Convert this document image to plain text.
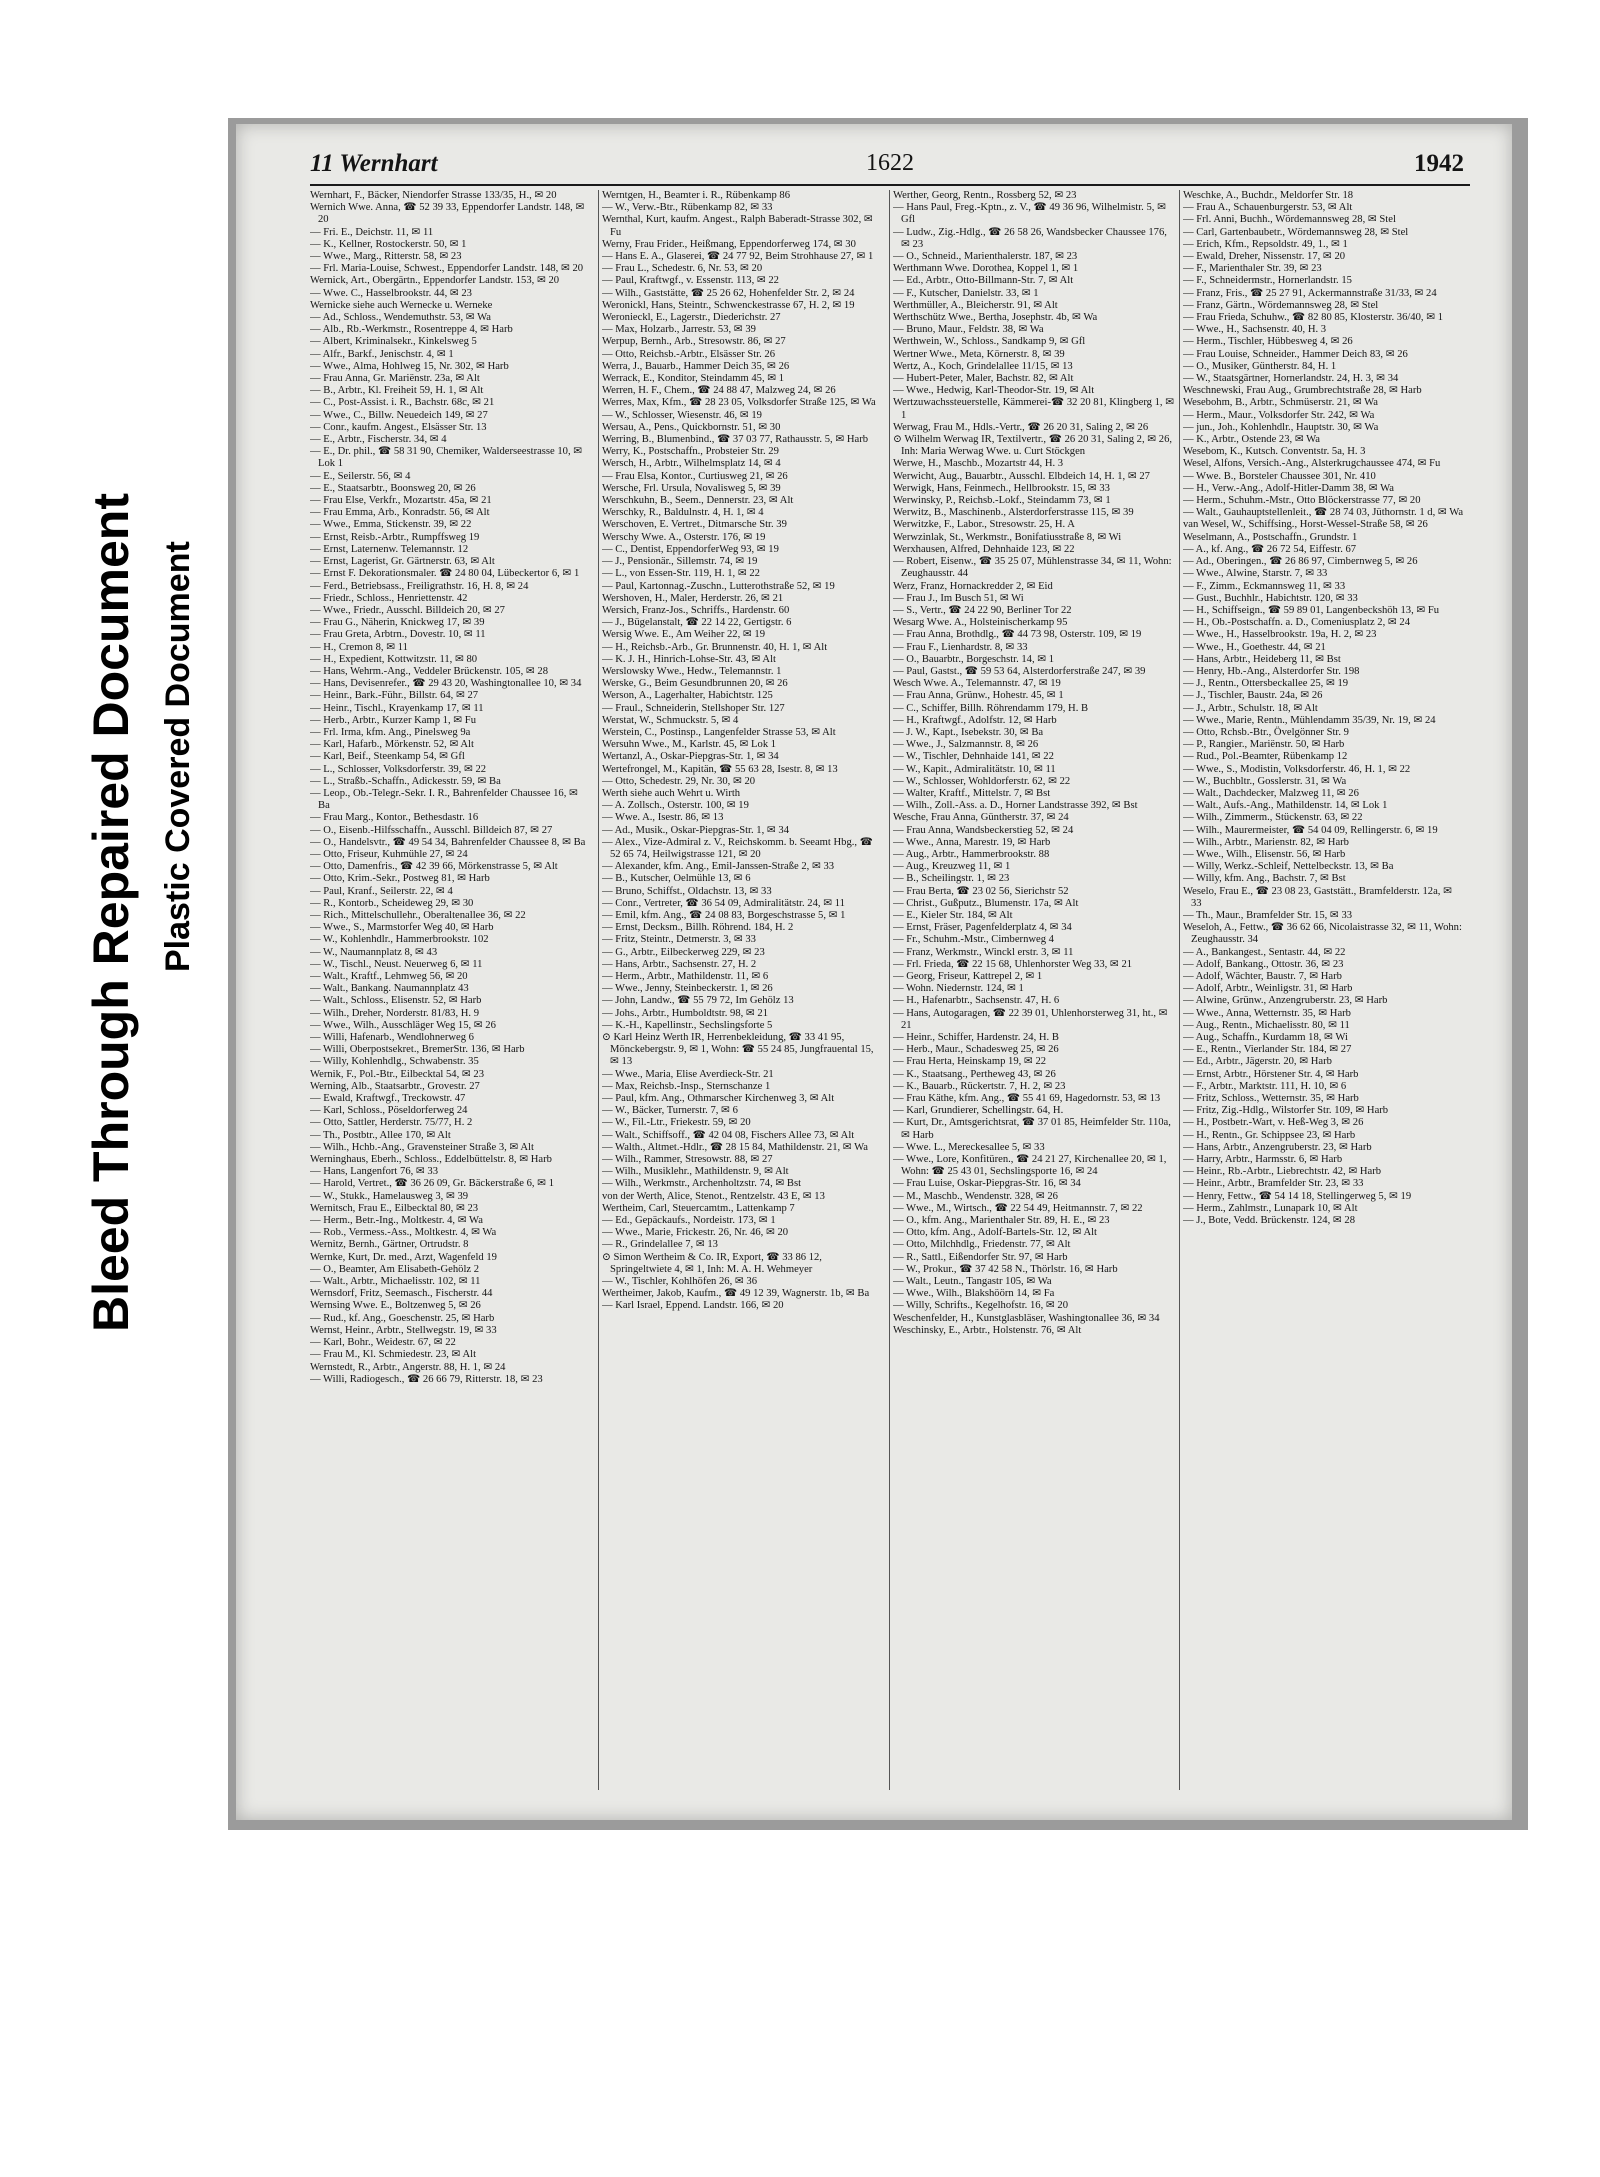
Bleed Through Repaired Document Plastic Covered Document
11 Wernhart	1622	1942

Wernhart, F., Bäcker, Niendorfer Strasse 133/35, H., ✉ 20

Wernich Wwe. Anna, ☎ 52 39 33, Eppendorfer Landstr. 148, ✉ 20

— Fri. E., Deichstr. 11, ✉ 11

— K., Kellner, Rostockerstr. 50, ✉ 1

— Wwe., Marg., Ritterstr. 58, ✉ 23

— Frl. Maria-Louise, Schwest., Eppendorfer Landstr. 148, ✉ 20

Wernick, Art., Obergärtn., Eppendorfer Landstr. 153, ✉ 20

— Wwe. C., Hasselbrookstr. 44, ✉ 23

Wernicke siehe auch Wernecke u. Werneke

— Ad., Schloss., Wendemuthstr. 53, ✉ Wa

— Alb., Rb.-Werkmstr., Rosentreppe 4, ✉ Harb

— Albert, Kriminalsekr., Kinkelsweg 5

— Alfr., Barkf., Jenischstr. 4, ✉ 1

— Wwe., Alma, Hohlweg 15, Nr. 302, ✉ Harb

— Frau Anna, Gr. Mariënstr. 23a, ✉ Alt

— B., Arbtr., Kl. Freiheit 59, H. 1, ✉ Alt

— C., Post-Assist. i. R., Bachstr. 68c, ✉ 21

— Wwe., C., Billw. Neuedeich 149, ✉ 27

— Conr., kaufm. Angest., Elsässer Str. 13

— E., Arbtr., Fischerstr. 34, ✉ 4

— E., Dr. phil., ☎ 58 31 90, Chemiker, Walderseestrasse 10, ✉ Lok 1

— E., Seilerstr. 56, ✉ 4

— E., Staatsarbtr., Boonsweg 20, ✉ 26

— Frau Else, Verkfr., Mozartstr. 45a, ✉ 21

— Frau Emma, Arb., Konradstr. 56, ✉ Alt

— Wwe., Emma, Stickenstr. 39, ✉ 22

— Ernst, Reisb.-Arbtr., Rumpffsweg 19

— Ernst, Laternenw. Telemannstr. 12

— Ernst, Lagerist, Gr. Gärtnerstr. 63, ✉ Alt

— Ernst F. Dekorationsmaler. ☎ 24 80 04, Lübeckertor 6, ✉ 1

— Ferd., Betriebsass., Freiligrathstr. 16, H. 8, ✉ 24

— Friedr., Schloss., Henriettenstr. 42

— Wwe., Friedr., Ausschl. Billdeich 20, ✉ 27

— Frau G., Näherin, Knickweg 17, ✉ 39

— Frau Greta, Arbtrn., Dovestr. 10, ✉ 11

— H., Cremon 8, ✉ 11

— H., Expedient, Kottwitzstr. 11, ✉ 80

— Hans, Wehrm.-Ang., Veddeler Brückenstr. 105, ✉ 28

— Hans, Devisenrefer., ☎ 29 43 20, Washingtonallee 10, ✉ 34

— Heinr., Bark.-Führ., Billstr. 64, ✉ 27

— Heinr., Tischl., Krayenkamp 17, ✉ 11

— Herb., Arbtr., Kurzer Kamp 1, ✉ Fu

— Frl. Irma, kfm. Ang., Pinelsweg 9a

— Karl, Hafarb., Mörkenstr. 52, ✉ Alt

— Karl, Beif., Steenkamp 54, ✉ Gfl

— L., Schlosser, Volksdorferstr. 39, ✉ 22

— L., Straßb.-Schaffn., Adickesstr. 59, ✉ Ba

— Leop., Ob.-Telegr.-Sekr. I. R., Bahrenfelder Chaussee 16, ✉ Ba

— Frau Marg., Kontor., Bethesdastr. 16

— O., Eisenb.-Hilfsschaffn., Ausschl. Billdeich 87, ✉ 27

— O., Handelsvtr., ☎ 49 54 34, Bahrenfelder Chaussee 8, ✉ Ba

— Otto, Friseur, Kuhmühle 27, ✉ 24

— Otto, Damenfris., ☎ 42 39 66, Mörkenstrasse 5, ✉ Alt

— Otto, Krim.-Sekr., Postweg 81, ✉ Harb

— Paul, Kranf., Seilerstr. 22, ✉ 4

— R., Kontorb., Scheideweg 29, ✉ 30

— Rich., Mittelschullehr., Oberaltenallee 36, ✉ 22

— Wwe., S., Marmstorfer Weg 40, ✉ Harb

— W., Kohlenhdlr., Hammerbrookstr. 102

— W., Naumannplatz 8, ✉ 43

— W., Tischl., Neust. Neuerweg 6, ✉ 11

— Walt., Kraftf., Lehmweg 56, ✉ 20

— Walt., Bankang. Naumannplatz 43

— Walt., Schloss., Elisenstr. 52, ✉ Harb

— Wilh., Dreher, Norderstr. 81/83, H. 9

— Wwe., Wilh., Ausschläger Weg 15, ✉ 26

— Willi, Hafenarb., Wendlohnerweg 6

— Willi, Oberpostsekret., BremerStr. 136, ✉ Harb

— Willy, Kohlenhdlg., Schwabenstr. 35

Wernik, F., Pol.-Btr., Eilbecktal 54, ✉ 23

Werning, Alb., Staatsarbtr., Grovestr. 27

— Ewald, Kraftwgf., Treckowstr. 47

— Karl, Schloss., Pöseldorferweg 24

— Otto, Sattler, Herderstr. 75/77, H. 2

— Th., Postbtr., Allee 170, ✉ Alt

— Wilh., Hchb.-Ang., Gravensteiner Straße 3, ✉ Alt

Werninghaus, Eberh., Schloss., Eddelbüttelstr. 8, ✉ Harb

— Hans, Langenfort 76, ✉ 33

— Harold, Vertret., ☎ 36 26 09, Gr. Bäckerstraße 6, ✉ 1

— W., Stukk., Hamelausweg 3, ✉ 39

Wernitsch, Frau E., Eilbecktal 80, ✉ 23

— Herm., Betr.-Ing., Moltkestr. 4, ✉ Wa

— Rob., Vermess.-Ass., Moltkestr. 4, ✉ Wa

Wernitz, Bernh., Gärtner, Ortrudstr. 8

Wernke, Kurt, Dr. med., Arzt, Wagenfeld 19

— O., Beamter, Am Elisabeth-Gehölz 2

— Walt., Arbtr., Michaelisstr. 102, ✉ 11

Wernsdorf, Fritz, Seemasch., Fischerstr. 44

Wernsing Wwe. E., Boltzenweg 5, ✉ 26

— Rud., kf. Ang., Goeschenstr. 25, ✉ Harb

Wernst, Heinr., Arbtr., Stellwegstr. 19, ✉ 33

— Karl, Bohr., Weidestr. 67, ✉ 22

— Frau M., Kl. Schmiedestr. 23, ✉ Alt

Wernstedt, R., Arbtr., Angerstr. 88, H. 1, ✉ 24

— Willi, Radiogesch., ☎ 26 66 79, Ritterstr. 18, ✉ 23

Werntgen, H., Beamter i. R., Rübenkamp 86

— W., Verw.-Btr., Rübenkamp 82, ✉ 33

Wernthal, Kurt, kaufm. Angest., Ralph Baberadt-Strasse 302, ✉ Fu

Werny, Frau Frider., Heißmang, Eppendorferweg 174, ✉ 30

— Hans E. A., Glaserei, ☎ 24 77 92, Beim Strohhause 27, ✉ 1

— Frau L., Schedestr. 6, Nr. 53, ✉ 20

— Paul, Kraftwgf., v. Essenstr. 113, ✉ 22

— Wilh., Gaststätte, ☎ 25 26 62, Hohenfelder Str. 2, ✉ 24

Weronickl, Hans, Steintr., Schwenckestrasse 67, H. 2, ✉ 19

Weronieckl, E., Lagerstr., Diederichstr. 27

— Max, Holzarb., Jarrestr. 53, ✉ 39

Werpup, Bernh., Arb., Stresowstr. 86, ✉ 27

— Otto, Reichsb.-Arbtr., Elsässer Str. 26

Werra, J., Bauarb., Hammer Deich 35, ✉ 26

Werrack, E., Konditor, Steindamm 45, ✉ 1

Werren, H. F., Chem., ☎ 24 88 47, Malzweg 24, ✉ 26

Werres, Max, Kfm., ☎ 28 23 05, Volksdorfer Straße 125, ✉ Wa

— W., Schlosser, Wiesenstr. 46, ✉ 19

Wersau, A., Pens., Quickbornstr. 51, ✉ 30

Werring, B., Blumenbind., ☎ 37 03 77, Rathausstr. 5, ✉ Harb

Werry, K., Postschaffn., Probsteier Str. 29

Wersch, H., Arbtr., Wilhelmsplatz 14, ✉ 4

— Frau Elsa, Kontor., Curtiusweg 21, ✉ 26

Wersche, Frl. Ursula, Novalisweg 5, ✉ 39

Werschkuhn, B., Seem., Dennerstr. 23, ✉ Alt

Werschky, R., Baldulnstr. 4, H. 1, ✉ 4

Werschoven, E. Vertret., Ditmarsche Str. 39

Werschy Wwe. A., Osterstr. 176, ✉ 19

— C., Dentist, EppendorferWeg 93, ✉ 19

— J., Pensionär., Sillemstr. 74, ✉ 19

— L., von Essen-Str. 119, H. 1, ✉ 22

— Paul, Kartonnag.-Zuschn., Lutterothstraße 52, ✉ 19

Wershoven, H., Maler, Herderstr. 26, ✉ 21

Wersich, Franz-Jos., Schriffs., Hardenstr. 60

— J., Bügelanstalt, ☎ 22 14 22, Gertigstr. 6

Wersig Wwe. E., Am Weiher 22, ✉ 19

— H., Reichsb.-Arb., Gr. Brunnenstr. 40, H. 1, ✉ Alt

— K. J. H., Hinrich-Lohse-Str. 43, ✉ Alt

Werslowsky Wwe., Hedw., Telemannstr. 1

Werske, G., Beim Gesundbrunnen 20, ✉ 26

Werson, A., Lagerhalter, Habichtstr. 125

— Fraul., Schneiderin, Stellshoper Str. 127

Werstat, W., Schmuckstr. 5, ✉ 4

Werstein, C., Postinsp., Langenfelder Strasse 53, ✉ Alt

Wersuhn Wwe., M., Karlstr. 45, ✉ Lok 1

Wertanzl, A., Oskar-Piepgras-Str. 1, ✉ 34

Wertefrongel, M., Kapitän, ☎ 55 63 28, Isestr. 8, ✉ 13

— Otto, Schedestr. 29, Nr. 30, ✉ 20

Werth siehe auch Wehrt u. Wirth

— A. Zollsch., Osterstr. 100, ✉ 19

— Wwe. A., Isestr. 86, ✉ 13

— Ad., Musik., Oskar-Piepgras-Str. 1, ✉ 34

— Alex., Vize-Admiral z. V., Reichskomm. b. Seeamt Hbg., ☎ 52 65 74, Heilwigstrasse 121, ✉ 20

— Alexander, kfm. Ang., Emil-Janssen-Straße 2, ✉ 33

— B., Kutscher, Oelmühle 13, ✉ 6

— Bruno, Schiffst., Oldachstr. 13, ✉ 33

— Conr., Vertreter, ☎ 36 54 09, Admiralitätstr. 24, ✉ 11

— Emil, kfm. Ang., ☎ 24 08 83, Borgeschstrasse 5, ✉ 1

— Ernst, Decksm., Billh. Röhrend. 184, H. 2

— Fritz, Steintr., Detmerstr. 3, ✉ 33

— G., Arbtr., Eilbeckerweg 229, ✉ 23

— Hans, Arbtr., Sachsenstr. 27, H. 2

— Herm., Arbtr., Mathildenstr. 11, ✉ 6

— Wwe., Jenny, Steinbeckerstr. 1, ✉ 26

— John, Landw., ☎ 55 79 72, Im Gehölz 13

— Johs., Arbtr., Humboldtstr. 98, ✉ 21

— K.-H., Kapellinstr., Sechslingsforte 5

⊙ Karl Heinz Werth IR, Herrenbekleidung, ☎ 33 41 95, Mönckebergstr. 9, ✉ 1, Wohn: ☎ 55 24 85, Jungfrauental 15, ✉ 13

— Wwe., Maria, Elise Averdieck-Str. 21

— Max, Reichsb.-Insp., Sternschanze 1

— Paul, kfm. Ang., Othmarscher Kirchenweg 3, ✉ Alt

— W., Bäcker, Turnerstr. 7, ✉ 6

— W., Fil.-Ltr., Friekestr. 59, ✉ 20

— Walt., Schiffsoff., ☎ 42 04 08, Fischers Allee 73, ✉ Alt

— Walth., Altmet.-Hdlr., ☎ 28 15 84, Mathildenstr. 21, ✉ Wa

— Wilh., Rammer, Stresowstr. 88, ✉ 27

— Wilh., Musiklehr., Mathildenstr. 9, ✉ Alt

— Wilh., Werkmstr., Archenholtzstr. 74, ✉ Bst

von der Werth, Alice, Stenot., Rentzelstr. 43 E, ✉ 13

Wertheim, Carl, Steuercamtm., Lattenkamp 7

— Ed., Gepäckaufs., Nordeistr. 173, ✉ 1

— Wwe., Marie, Frickestr. 26, Nr. 46, ✉ 20

— R., Grindelallee 7, ✉ 13

⊙ Simon Wertheim & Co. IR, Export, ☎ 33 86 12, Springeltwiete 4, ✉ 1, Inh: M. A. H. Wehmeyer

— W., Tischler, Kohlhöfen 26, ✉ 36

Wertheimer, Jakob, Kaufm., ☎ 49 12 39, Wagnerstr. 1b, ✉ Ba

— Karl Israel, Eppend. Landstr. 166, ✉ 20

Werther, Georg, Rentn., Rossberg 52, ✉ 23

— Hans Paul, Freg.-Kptn., z. V., ☎ 49 36 96, Wilhelmistr. 5, ✉ Gfl

— Ludw., Zig.-Hdlg., ☎ 26 58 26, Wandsbecker Chaussee 176, ✉ 23

— O., Schneid., Marienthalerstr. 187, ✉ 23

Werthmann Wwe. Dorothea, Koppel 1, ✉ 1

— Ed., Arbtr., Otto-Billmann-Str. 7, ✉ Alt

— F., Kutscher, Danielstr. 33, ✉ 1

Werthmüller, A., Bleicherstr. 91, ✉ Alt

Werthschütz Wwe., Bertha, Josephstr. 4b, ✉ Wa

— Bruno, Maur., Feldstr. 38, ✉ Wa

Werthwein, W., Schloss., Sandkamp 9, ✉ Gfl

Wertner Wwe., Meta, Körnerstr. 8, ✉ 39

Wertz, A., Koch, Grindelallee 11/15, ✉ 13

— Hubert-Peter, Maler, Bachstr. 82, ✉ Alt

— Wwe., Hedwig, Karl-Theodor-Str. 19, ✉ Alt

Wertzuwachssteuerstelle, Kämmerei-☎ 32 20 81, Klingberg 1, ✉ 1

Werwag, Frau M., Hdls.-Vertr., ☎ 26 20 31, Saling 2, ✉ 26

⊙ Wilhelm Werwag IR, Textilvertr., ☎ 26 20 31, Saling 2, ✉ 26, Inh: Maria Werwag Wwe. u. Curt Stöckgen

Werwe, H., Maschb., Mozartstr 44, H. 3

Werwicht, Aug., Bauarbtr., Ausschl. Elbdeich 14, H. 1, ✉ 27

Werwigk, Hans, Feinmech., Hellbrookstr. 15, ✉ 33

Werwinsky, P., Reichsb.-Lokf., Steindamm 73, ✉ 1

Werwitz, B., Maschinenb., Alsterdorferstrasse 115, ✉ 39

Werwitzke, F., Labor., Stresowstr. 25, H. A

Werwzinlak, St., Werkmstr., Bonifatiusstraße 8, ✉ Wi

Werxhausen, Alfred, Dehnhaide 123, ✉ 22

— Robert, Eisenw., ☎ 35 25 07, Mühlenstrasse 34, ✉ 11, Wohn: Zeughausstr. 44

Werz, Franz, Hornackredder 2, ✉ Eid

— Frau J., Im Busch 51, ✉ Wi

— S., Vertr., ☎ 24 22 90, Berliner Tor 22

Wesarg Wwe. A., Holsteinischerkamp 95

— Frau Anna, Brothdlg., ☎ 44 73 98, Osterstr. 109, ✉ 19

— Frau F., Lienhardstr. 8, ✉ 33

— O., Bauarbtr., Borgeschstr. 14, ✉ 1

— Paul, Gastst., ☎ 59 53 64, Alsterdorferstraße 247, ✉ 39

Wesch Wwe. A., Telemannstr. 47, ✉ 19

— Frau Anna, Grünw., Hohestr. 45, ✉ 1

— C., Schiffer, Billh. Röhrendamm 179, H. B

— H., Kraftwgf., Adolfstr. 12, ✉ Harb

— J. W., Kapt., Isebekstr. 30, ✉ Ba

— Wwe., J., Salzmannstr. 8, ✉ 26

— W., Tischler, Dehnhaide 141, ✉ 22

— W., Kapit., Admiralitätstr. 10, ✉ 11

— W., Schlosser, Wohldorferstr. 62, ✉ 22

— Walter, Kraftf., Mittelstr. 7, ✉ Bst

— Wilh., Zoll.-Ass. a. D., Horner Landstrasse 392, ✉ Bst

Wesche, Frau Anna, Güntherstr. 37, ✉ 24

— Frau Anna, Wandsbeckerstieg 52, ✉ 24

— Wwe., Anna, Marestr. 19, ✉ Harb

— Aug., Arbtr., Hammerbrookstr. 88

— Aug., Kreuzweg 11, ✉ 1

— B., Scheilingstr. 1, ✉ 23

— Frau Berta, ☎ 23 02 56, Sierichstr 52

— Christ., Gußputz., Blumenstr. 17a, ✉ Alt

— E., Kieler Str. 184, ✉ Alt

— Ernst, Fräser, Pagenfelderplatz 4, ✉ 34

— Fr., Schuhm.-Mstr., Cimbernweg 4

— Franz, Werkmstr., Winckl erstr. 3, ✉ 11

— Frl. Frieda, ☎ 22 15 68, Uhlenhorster Weg 33, ✉ 21

— Georg, Friseur, Kattrepel 2, ✉ 1

— Wohn. Niedernstr. 124, ✉ 1

— H., Hafenarbtr., Sachsenstr. 47, H. 6

— Hans, Autogaragen, ☎ 22 39 01, Uhlenhorsterweg 31, ht., ✉ 21

— Heinr., Schiffer, Hardenstr. 24, H. B

— Herb., Maur., Schadesweg 25, ✉ 26

— Frau Herta, Heinskamp 19, ✉ 22

— K., Staatsang., Pertheweg 43, ✉ 26

— K., Bauarb., Rückertstr. 7, H. 2, ✉ 23

— Frau Käthe, kfm. Ang., ☎ 55 41 69, Hagedornstr. 53, ✉ 13

— Karl, Grundierer, Schellingstr. 64, H.

— Kurt, Dr., Amtsgerichtsrat, ☎ 37 01 85, Heimfelder Str. 110a, ✉ Harb

— Wwe. L., Mereckesallee 5, ✉ 33

— Wwe., Lore, Konfitüren., ☎ 24 21 27, Kirchenallee 20, ✉ 1, Wohn: ☎ 25 43 01, Sechslingsporte 16, ✉ 24

— Frau Luise, Oskar-Piepgras-Str. 16, ✉ 34

— M., Maschb., Wendenstr. 328, ✉ 26

— Wwe., M., Wirtsch., ☎ 22 54 49, Heitmannstr. 7, ✉ 22

— O., kfm. Ang., Marienthaler Str. 89, H. E., ✉ 23

— Otto, kfm. Ang., Adolf-Bartels-Str. 12, ✉ Alt

— Otto, Milchhdlg., Friedenstr. 77, ✉ Alt

— R., Sattl., Eißendorfer Str. 97, ✉ Harb

— W., Prokur., ☎ 37 42 58 N., Thörlstr. 16, ✉ Harb

— Walt., Leutn., Tangastr 105, ✉ Wa

— Wwe., Wilh., Blakshöörn 14, ✉ Fa

— Willy, Schrifts., Kegelhofstr. 16, ✉ 20

Weschenfelder, H., Kunstglasbläser, Washingtonallee 36, ✉ 34

Weschinsky, E., Arbtr., Holstenstr. 76, ✉ Alt

Weschke, A., Buchdr., Meldorfer Str. 18

— Frau A., Schauenburgerstr. 53, ✉ Alt

— Frl. Anni, Buchh., Wördemannsweg 28, ✉ Stel

— Carl, Gartenbaubetr., Wördemannsweg 28, ✉ Stel

— Erich, Kfm., Repsoldstr. 49, 1., ✉ 1

— Ewald, Dreher, Nissenstr. 17, ✉ 20

— F., Marienthaler Str. 39, ✉ 23

— F., Schneidermstr., Hornerlandstr. 15

— Franz, Fris., ☎ 25 27 91, Ackermannstraße 31/33, ✉ 24

— Franz, Gärtn., Wördemannsweg 28, ✉ Stel

— Frau Frieda, Schuhw., ☎ 82 80 85, Klosterstr. 36/40, ✉ 1

— Wwe., H., Sachsenstr. 40, H. 3

— Herm., Tischler, Hübbesweg 4, ✉ 26

— Frau Louise, Schneider., Hammer Deich 83, ✉ 26

— O., Musiker, Güntherstr. 84, H. 1

— W., Staatsgärtner, Hornerlandstr. 24, H. 3, ✉ 34

Weschnewski, Frau Aug., Grumbrechtstraße 28, ✉ Harb

Wesebohm, B., Arbtr., Schmüserstr. 21, ✉ Wa

— Herm., Maur., Volksdorfer Str. 242, ✉ Wa

— jun., Joh., Kohlenhdlr., Hauptstr. 30, ✉ Wa

— K., Arbtr., Ostende 23, ✉ Wa

Wesebom, K., Kutsch. Conventstr. 5a, H. 3

Wesel, Alfons, Versich.-Ang., Alsterkrugchaussee 474, ✉ Fu

— Wwe. B., Borsteler Chaussee 301, Nr. 410

— H., Verw.-Ang., Adolf-Hitler-Damm 38, ✉ Wa

— Herm., Schuhm.-Mstr., Otto Blöckerstrasse 77, ✉ 20

— Walt., Gauhauptstellenleit., ☎ 28 74 03, Jüthornstr. 1 d, ✉ Wa

van Wesel, W., Schiffsing., Horst-Wessel-Straße 58, ✉ 26

Weselmann, A., Postschaffn., Grundstr. 1

— A., kf. Ang., ☎ 26 72 54, Eiffestr. 67

— Ad., Oberingen., ☎ 26 86 97, Cimbernweg 5, ✉ 26

— Wwe., Alwine, Starstr. 7, ✉ 33

— F., Zimm., Eckmannsweg 11, ✉ 33

— Gust., Buchhlr., Habichtstr. 120, ✉ 33

— H., Schiffseign., ☎ 59 89 01, Langenbeckshöh 13, ✉ Fu

— H., Ob.-Postschaffn. a. D., Comeniusplatz 2, ✉ 24

— Wwe., H., Hasselbrookstr. 19a, H. 2, ✉ 23

— Wwe., H., Goethestr. 44, ✉ 21

— Hans, Arbtr., Heideberg 11, ✉ Bst

— Henry, Hb.-Ang., Alsterdorfer Str. 198

— J., Rentn., Ottersbeckallee 25, ✉ 19

— J., Tischler, Baustr. 24a, ✉ 26

— J., Arbtr., Schulstr. 18, ✉ Alt

— Wwe., Marie, Rentn., Mühlendamm 35/39, Nr. 19, ✉ 24

— Otto, Rchsb.-Btr., Övelgönner Str. 9

— P., Rangier., Mariënstr. 50, ✉ Harb

— Rud., Pol.-Beamter, Rübenkamp 12

— Wwe., S., Modistin, Volksdorferstr. 46, H. 1, ✉ 22

— W., Buchbltr., Gosslerstr. 31, ✉ Wa

— Walt., Dachdecker, Malzweg 11, ✉ 26

— Walt., Aufs.-Ang., Mathildenstr. 14, ✉ Lok 1

— Wilh., Zimmerm., Stückenstr. 63, ✉ 22

— Wilh., Maurermeister, ☎ 54 04 09, Rellingerstr. 6, ✉ 19

— Wilh., Arbtr., Marienstr. 82, ✉ Harb

— Wwe., Wilh., Elisenstr. 56, ✉ Harb

— Willy, Werkz.-Schleif, Nettelbeckstr. 13, ✉ Ba

— Willy, kfm. Ang., Bachstr. 7, ✉ Bst

Weselo, Frau E., ☎ 23 08 23, Gaststätt., Bramfelderstr. 12a, ✉ 33

— Th., Maur., Bramfelder Str. 15, ✉ 33

Weseloh, A., Fettw., ☎ 36 62 66, Nicolaistrasse 32, ✉ 11, Wohn: Zeughausstr. 34

— A., Bankangest., Sentastr. 44, ✉ 22

— Adolf, Bankang., Ottostr. 36, ✉ 23

— Adolf, Wächter, Baustr. 7, ✉ Harb

— Adolf, Arbtr., Weinligstr. 31, ✉ Harb

— Alwine, Grünw., Anzengruberstr. 23, ✉ Harb

— Wwe., Anna, Wetternstr. 35, ✉ Harb

— Aug., Rentn., Michaelisstr. 80, ✉ 11

— Aug., Schaffn., Kurdamm 18, ✉ Wi

— E., Rentn., Vierlander Str. 184, ✉ 27

— Ed., Arbtr., Jägerstr. 20, ✉ Harb

— Ernst, Arbtr., Hörstener Str. 4, ✉ Harb

— F., Arbtr., Marktstr. 111, H. 10, ✉ 6

— Fritz, Schloss., Wetternstr. 35, ✉ Harb

— Fritz, Zig.-Hdlg., Wilstorfer Str. 109, ✉ Harb

— H., Postbetr.-Wart, v. Heß-Weg 3, ✉ 26

— H., Rentn., Gr. Schippsee 23, ✉ Harb

— Hans, Arbtr., Anzengruberstr. 23, ✉ Harb

— Harry, Arbtr., Harmsstr. 6, ✉ Harb

— Heinr., Rb.-Arbtr., Liebrechtstr. 42, ✉ Harb

— Heinr., Arbtr., Bramfelder Str. 23, ✉ 33

— Henry, Fettw., ☎ 54 14 18, Stellingerweg 5, ✉ 19

— Herm., Zahlmstr., Lunapark 10, ✉ Alt

— J., Bote, Vedd. Brückenstr. 124, ✉ 28
